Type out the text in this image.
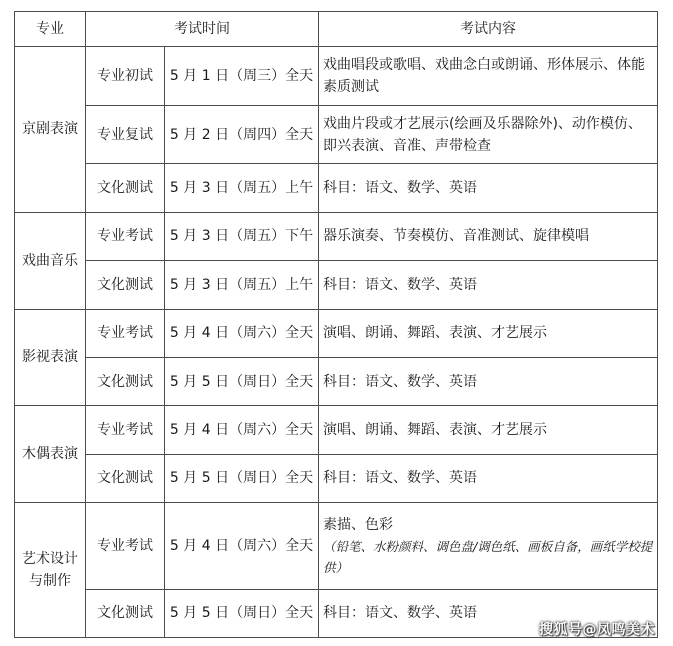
专业	考试时间		考试内容
京剧表演	专业初试	5 月 1 日（周三）全天	戏曲唱段或歌唱、戏曲念白或朗诵、形体展示、体能素质测试
	专业复试	5 月 2 日（周四）全天	戏曲片段或才艺展示(绘画及乐器除外)、动作模仿、即兴表演、音准、声带检查
	文化测试	5 月 3 日（周五）上午	科目：语文、数学、英语
戏曲音乐	专业考试	5 月 3 日（周五）下午	器乐演奏、节奏模仿、音准测试、旋律模唱
	文化测试	5 月 3 日（周五）上午	科目：语文、数学、英语
影视表演	专业考试	5 月 4 日（周六）全天	演唱、朗诵、舞蹈、表演、才艺展示
	文化测试	5 月 5 日（周日）全天	科目：语文、数学、英语
木偶表演	专业考试	5 月 4 日（周六）全天	演唱、朗诵、舞蹈、表演、才艺展示
	文化测试	5 月 5 日（周日）全天	科目：语文、数学、英语
艺术设计与制作	专业考试	5 月 4 日（周六）全天	素描、色彩
（铅笔、水粉颜料、调色盘/调色纸、画板自备，画纸学校提供）

	文化测试	5 月 5 日（周日）全天	科目：语文、数学、英语
搜狐号@凤鸣美术
